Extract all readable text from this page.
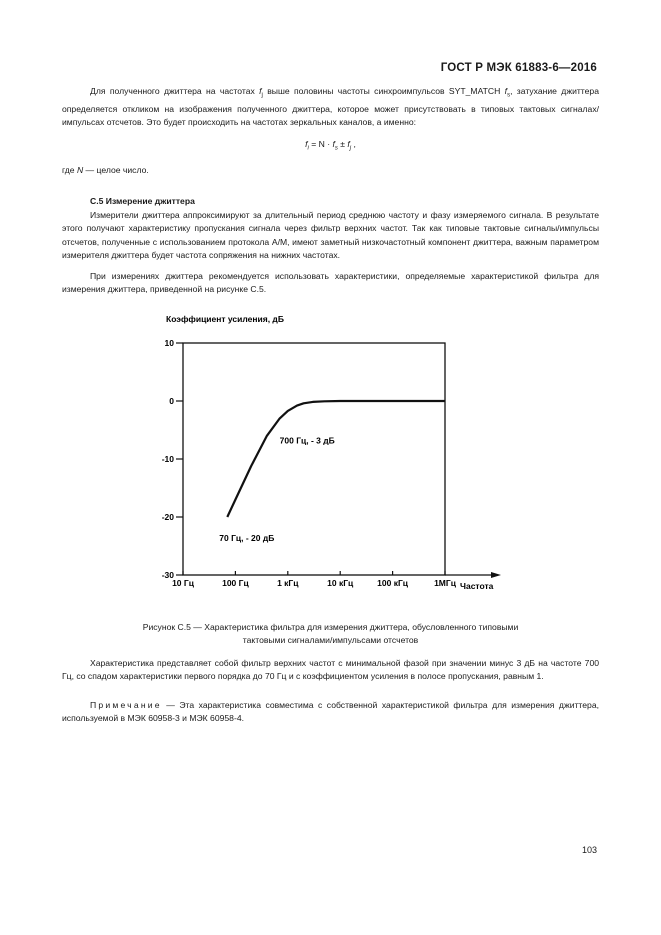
ГОСТ Р МЭК 61883-6—2016
Для полученного джиттера на частотах $f_j$ выше половины частоты синхроимпульсов SYT_MATCH $f_s$, затухание джиттера определяется откликом на изображения полученного джиттера, которое может присутствовать в типовых тактовых сигналах/импульсах отсчетов. Это будет происходить на частотах зеркальных каналов, а именно:
$f_i = N \cdot f_s \pm f_j$ ,
где N — целое число.
С.5 Измерение джиттера
Измерители джиттера аппроксимируют за длительный период среднюю частоту и фазу измеряемого сигнала. В результате этого получают характеристику пропускания сигнала через фильтр верхних частот. Так как типовые тактовые сигналы/импульсы отсчетов, полученные с использованием протокола А/М, имеют заметный низкочастотный компонент джиттера, важным параметром измерителя джиттера будет частота сопряжения на нижних частотах.
При измерениях джиттера рекомендуется использовать характеристики, определяемые характеристикой фильтра для измерения джиттера, приведенной на рисунке С.5.
Коэффициент усиления, дБ
Частота
10
0
-10
-20
-30
10 Гц	100 Гц	1 кГц	10 кГц	100 кГц	1МГц
700 Гц, - 3 дБ
70 Гц, - 20 дБ
Рисунок С.5 — Характеристика фильтра для измерения джиттера, обусловленного типовыми
тактовыми сигналами/импульсами отсчетов
Характеристика представляет собой фильтр верхних частот с минимальной фазой при значении минус 3 дБ на частоте 700 Гц, со спадом характеристики первого порядка до 70 Гц и с коэффициентом усиления в полосе пропускания, равным 1.
Примечание — Эта характеристика совместима с собственной характеристикой фильтра для измерения джиттера, используемой в МЭК 60958-3 и МЭК 60958-4.
103
